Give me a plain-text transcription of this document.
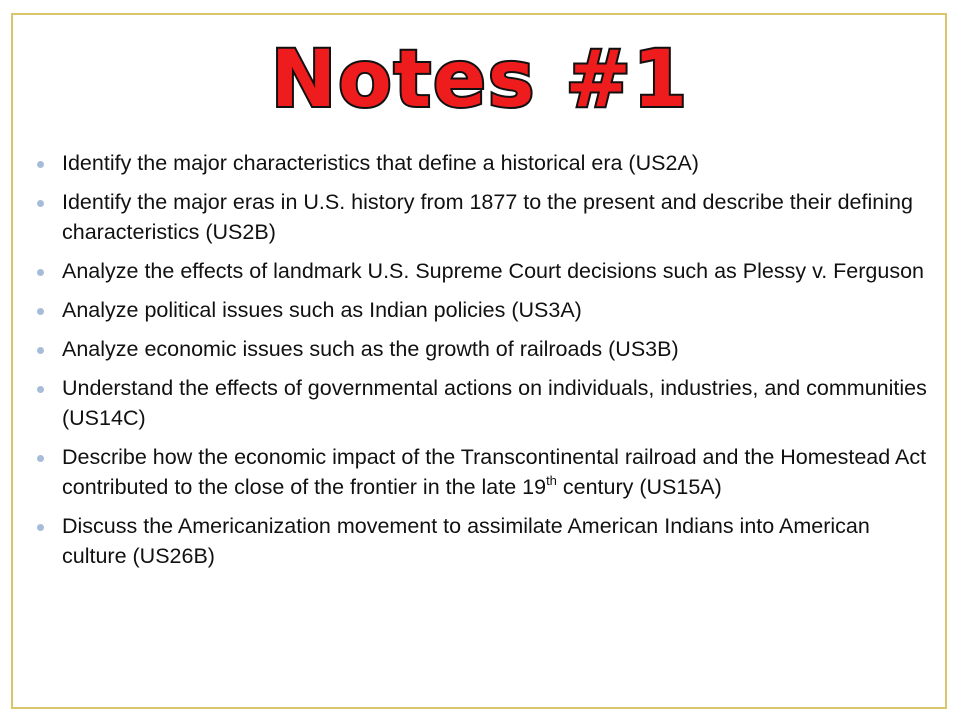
Notes #1
Identify the major characteristics that define a historical era (US2A)
Identify the major eras in U.S. history from 1877 to the present and describe their defining characteristics (US2B)
Analyze the effects of landmark U.S. Supreme Court decisions such as Plessy v. Ferguson
Analyze political issues such as Indian policies (US3A)
Analyze economic issues such as the growth of railroads (US3B)
Understand the effects of governmental actions on individuals, industries, and communities (US14C)
Describe how the economic impact of the Transcontinental railroad and the Homestead Act contributed to the close of the frontier in the late 19th century (US15A)
Discuss the Americanization movement to assimilate American Indians into American culture (US26B)
